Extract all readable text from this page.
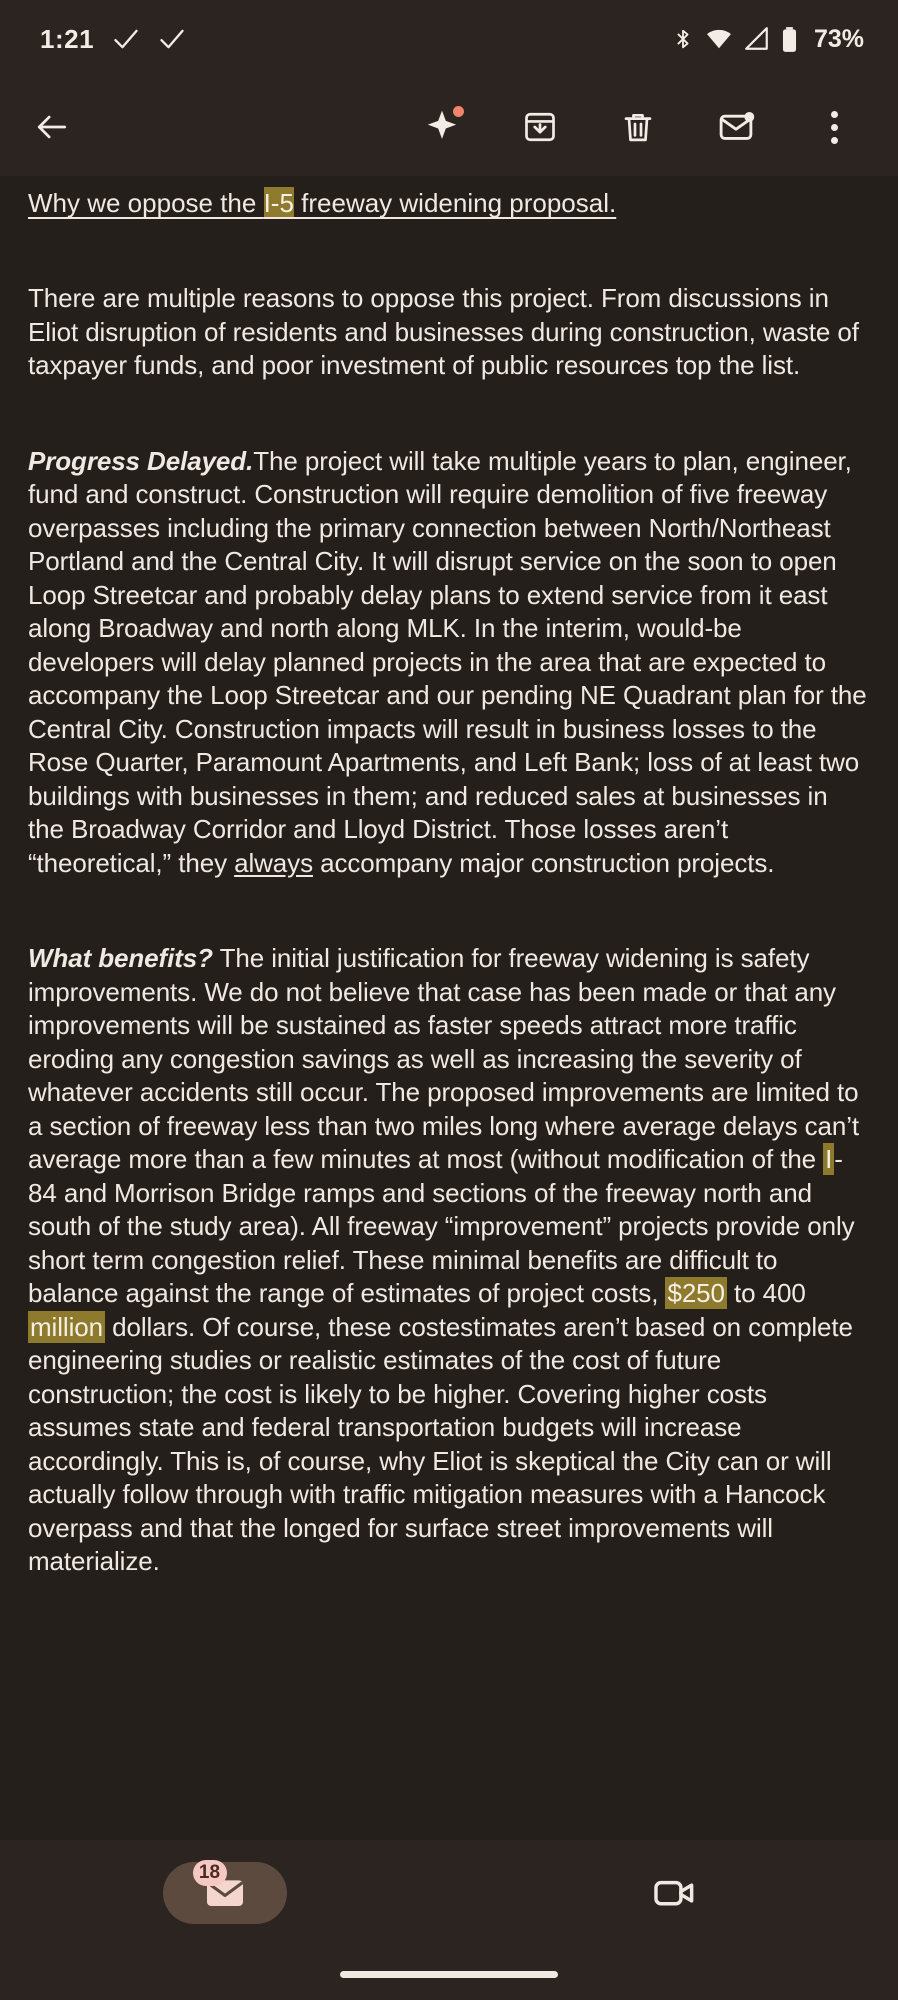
1:21	73%
Why we oppose the I-5 freeway widening proposal.

There are multiple reasons to oppose this project. From discussions in Eliot disruption of residents and businesses during construction, waste of taxpayer funds, and poor investment of public resources top the list.

Progress Delayed.The project will take multiple years to plan, engineer, fund and construct. Construction will require demolition of five freeway overpasses including the primary connection between North/Northeast Portland and the Central City. It will disrupt service on the soon to open Loop Streetcar and probably delay plans to extend service from it east along Broadway and north along MLK. In the interim, would-be developers will delay planned projects in the area that are expected to accompany the Loop Streetcar and our pending NE Quadrant plan for the Central City. Construction impacts will result in business losses to the Rose Quarter, Paramount Apartments, and Left Bank; loss of at least two buildings with businesses in them; and reduced sales at businesses in the Broadway Corridor and Lloyd District. Those losses aren’t “theoretical,” they always accompany major construction projects.

What benefits? The initial justification for freeway widening is safety improvements. We do not believe that case has been made or that any improvements will be sustained as faster speeds attract more traffic eroding any congestion savings as well as increasing the severity of whatever accidents still occur. The proposed improvements are limited to a section of freeway less than two miles long where average delays can’t average more than a few minutes at most (without modification of the I-84 and Morrison Bridge ramps and sections of the freeway north and south of the study area). All freeway “improvement” projects provide only short term congestion relief. These minimal benefits are difficult to balance against the range of estimates of project costs, $250 to 400 million dollars. Of course, these costestimates aren’t based on complete engineering studies or realistic estimates of the cost of future construction; the cost is likely to be higher. Covering higher costs assumes state and federal transportation budgets will increase accordingly. This is, of course, why Eliot is skeptical the City can or will actually follow through with traffic mitigation measures with a Hancock overpass and that the longed for surface street improvements will materialize.

18
